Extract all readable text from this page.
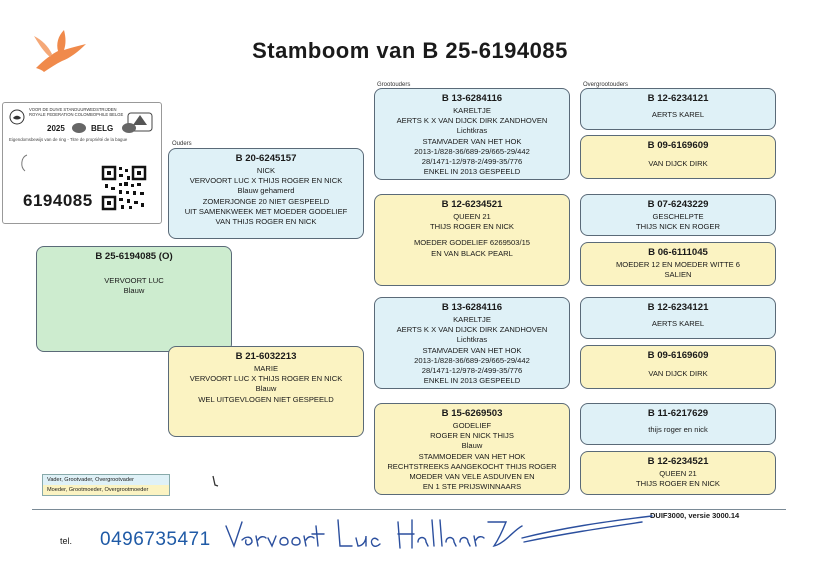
Stamboom van B 25-6194085
VOOR DE DUIVE STANDUURWEDSTRIJDEN
ROYALE FEDERATION COLOMBOPHILE BELGE
2025	BELG
Eigendomsbewijs van de ring - Titre de propriété de la bague
6194085
Ouders
Grootouders	Overgrootouders
B 25-6194085 (O)
VERVOORT LUC
Blauw
B 20-6245157
NICK
VERVOORT LUC X THIJS ROGER EN NICK
Blauw gehamerd
ZOMERJONGE 20 NIET GESPEELD
UIT SAMENKWEEK MET MOEDER GODELIEF
VAN THIJS ROGER EN NICK
B 21-6032213
MARIE
VERVOORT LUC X THIJS ROGER EN NICK
Blauw
WEL UITGEVLOGEN NIET GESPEELD
B 13-6284116
KARELTJE
AERTS K X VAN DIJCK DIRK ZANDHOVEN
Lichtkras
STAMVADER VAN HET HOK
2013-1/828-36/689-29/665-29/442
28/1471-12/978-2/499-35/776
ENKEL IN 2013 GESPEELD
B 12-6234521
QUEEN 21
THIJS ROGER EN NICK
MOEDER GODELIEF 6269503/15
EN VAN BLACK PEARL
B 13-6284116
KARELTJE
AERTS K X VAN DIJCK DIRK ZANDHOVEN
Lichtkras
STAMVADER VAN HET HOK
2013-1/828-36/689-29/665-29/442
28/1471-12/978-2/499-35/776
ENKEL IN 2013 GESPEELD
B 15-6269503
GODELIEF
ROGER EN NICK THIJS
Blauw
STAMMOEDER VAN HET HOK
RECHTSTREEKS AANGEKOCHT THIJS ROGER
MOEDER VAN VELE ASDUIVEN EN
EN 1 STE PRIJSWINNAARS
B 12-6234121
AERTS KAREL
B 09-6169609
VAN DIJCK DIRK
B 07-6243229
GESCHELPTE
THIJS NICK EN ROGER
B 06-6111045
MOEDER 12 EN MOEDER WITTE 6
SALIEN
B 12-6234121
AERTS KAREL
B 09-6169609
VAN DIJCK DIRK
B 11-6217629
thijs roger en nick
B 12-6234521
QUEEN 21
THIJS ROGER EN NICK
Vader, Grootvader, Overgrootvader
Moeder, Grootmoeder, Overgrootmoeder
DUIF3000, versie 3000.14
tel. 0496735471
